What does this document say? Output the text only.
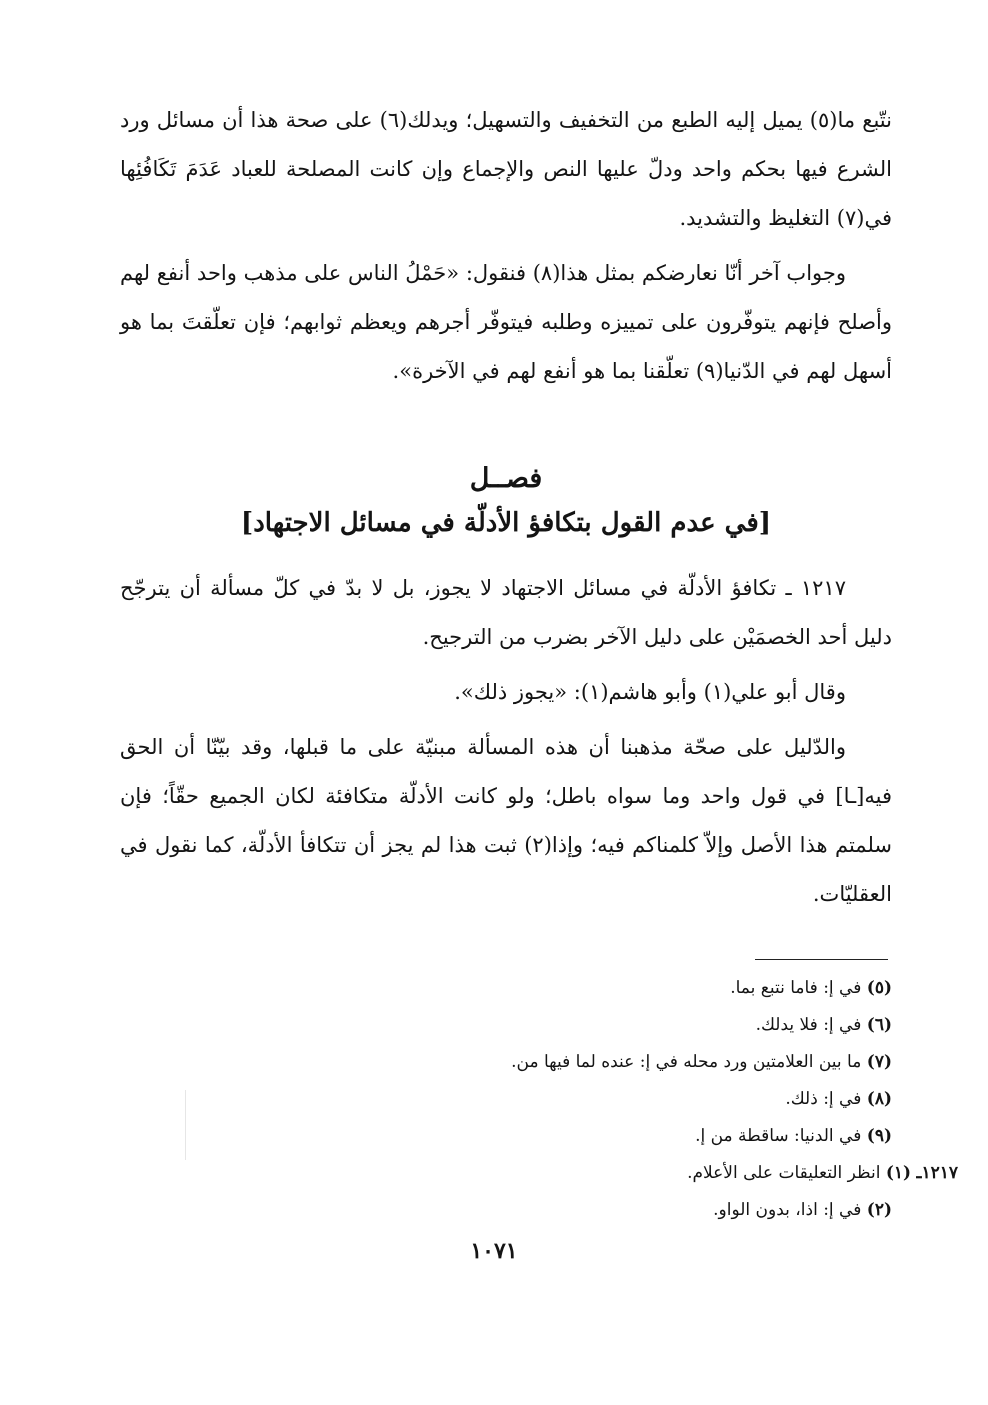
نتّبع ما(٥) يميل إليه الطبع من التخفيف والتسهيل؛ ويدلك(٦) على صحة هذا أن مسائل ورد الشرع فيها بحكم واحد ودلّ عليها النص والإجماع وإن كانت المصلحة للعباد عَدَمَ تَكَافُئِها في(٧) التغليظ والتشديد.

وجواب آخر أنّا نعارضكم بمثل هذا(٨) فنقول: «حَمْلُ الناس على مذهب واحد أنفع لهم وأصلح فإنهم يتوفّرون على تمييزه وطلبه فيتوفّر أجرهم ويعظم ثوابهم؛ فإن تعلّقتَ بما هو أسهل لهم في الدّنيا(٩) تعلّقنا بما هو أنفع لهم في الآخرة».

فصــل
[في عدم القول بتكافؤ الأدلّة في مسائل الاجتهاد]

١٢١٧ ـ تكافؤ الأدلّة في مسائل الاجتهاد لا يجوز، بل لا بدّ في كلّ مسألة أن يترجّح دليل أحد الخصمَيْن على دليل الآخر بضرب من الترجيح.

وقال أبو علي(١) وأبو هاشم(١): «يجوز ذلك».

والدّليل على صحّة مذهبنا أن هذه المسألة مبنيّة على ما قبلها، وقد بيّنّا أن الحق فيه[ـا] في قول واحد وما سواه باطل؛ ولو كانت الأدلّة متكافئة لكان الجميع حقّاً؛ فإن سلمتم هذا الأصل وإلاّ كلمناكم فيه؛ وإذا(٢) ثبت هذا لم يجز أن تتكافأ الأدلّة، كما نقول في العقليّات.

(٥) في إ: فاما نتبع بما.
(٦) في إ: فلا يدلك.
(٧) ما بين العلامتين ورد محله في إ: عنده لما فيها من.
(٨) في إ: ذلك.
(٩) في الدنيا: ساقطة من إ.
١٢١٧ـ (١) انظر التعليقات على الأعلام.
(٢) في إ: اذا، بدون الواو.
١٠٧١
